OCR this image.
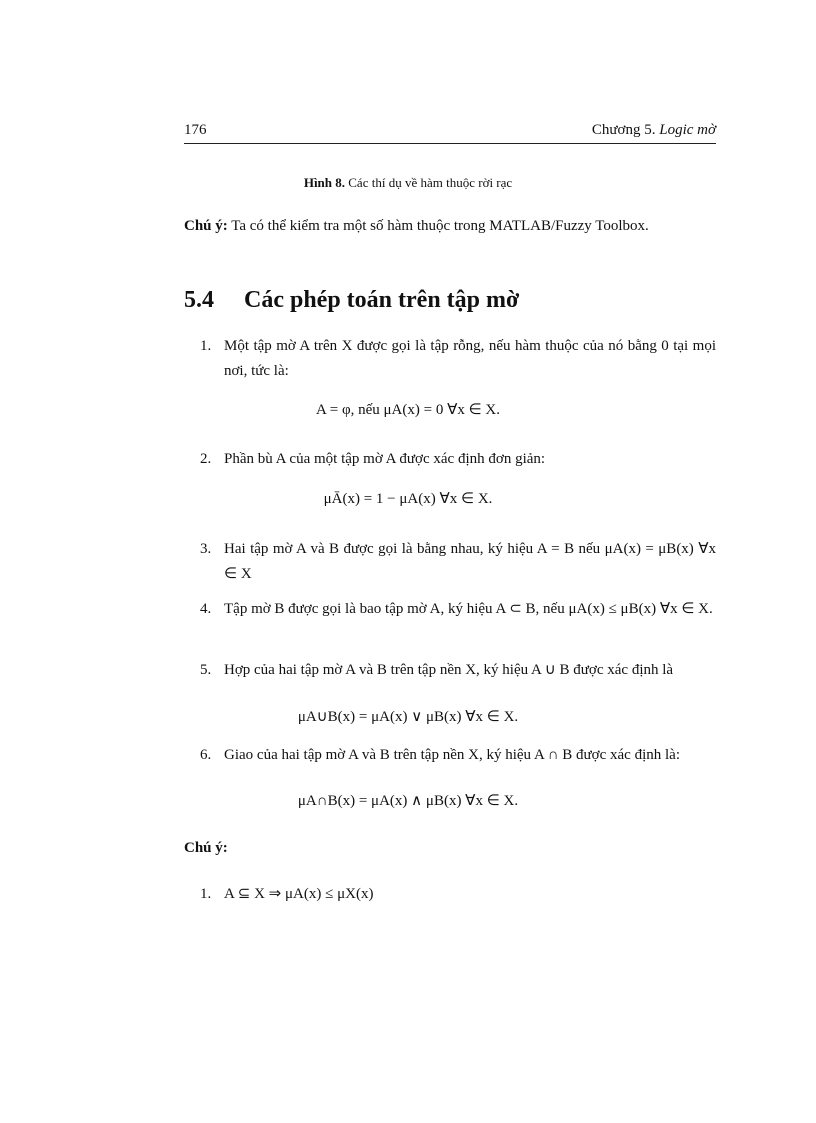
176	Chương 5. Logic mờ
Hình 8. Các thí dụ về hàm thuộc rời rạc
Chú ý: Ta có thể kiểm tra một số hàm thuộc trong MATLAB/Fuzzy Toolbox.
5.4 Các phép toán trên tập mờ
1. Một tập mờ A trên X được gọi là tập rỗng, nếu hàm thuộc của nó bằng 0 tại mọi nơi, tức là:
A = φ, nếu μA(x) = 0 ∀x ∈ X.
2. Phần bù A của một tập mờ A được xác định đơn giản:
μĀ(x) = 1 − μA(x) ∀x ∈ X.
3. Hai tập mờ A và B được gọi là bằng nhau, ký hiệu A = B nếu μA(x) = μB(x) ∀x ∈ X
4. Tập mờ B được gọi là bao tập mờ A, ký hiệu A ⊂ B, nếu μA(x) ≤ μB(x) ∀x ∈ X.
5. Hợp của hai tập mờ A và B trên tập nền X, ký hiệu A ∪ B được xác định là
μA∪B(x) = μA(x) ∨ μB(x) ∀x ∈ X.
6. Giao của hai tập mờ A và B trên tập nền X, ký hiệu A ∩ B được xác định là:
μA∩B(x) = μA(x) ∧ μB(x) ∀x ∈ X.
Chú ý:
1. A ⊆ X ⇒ μA(x) ≤ μX(x)
